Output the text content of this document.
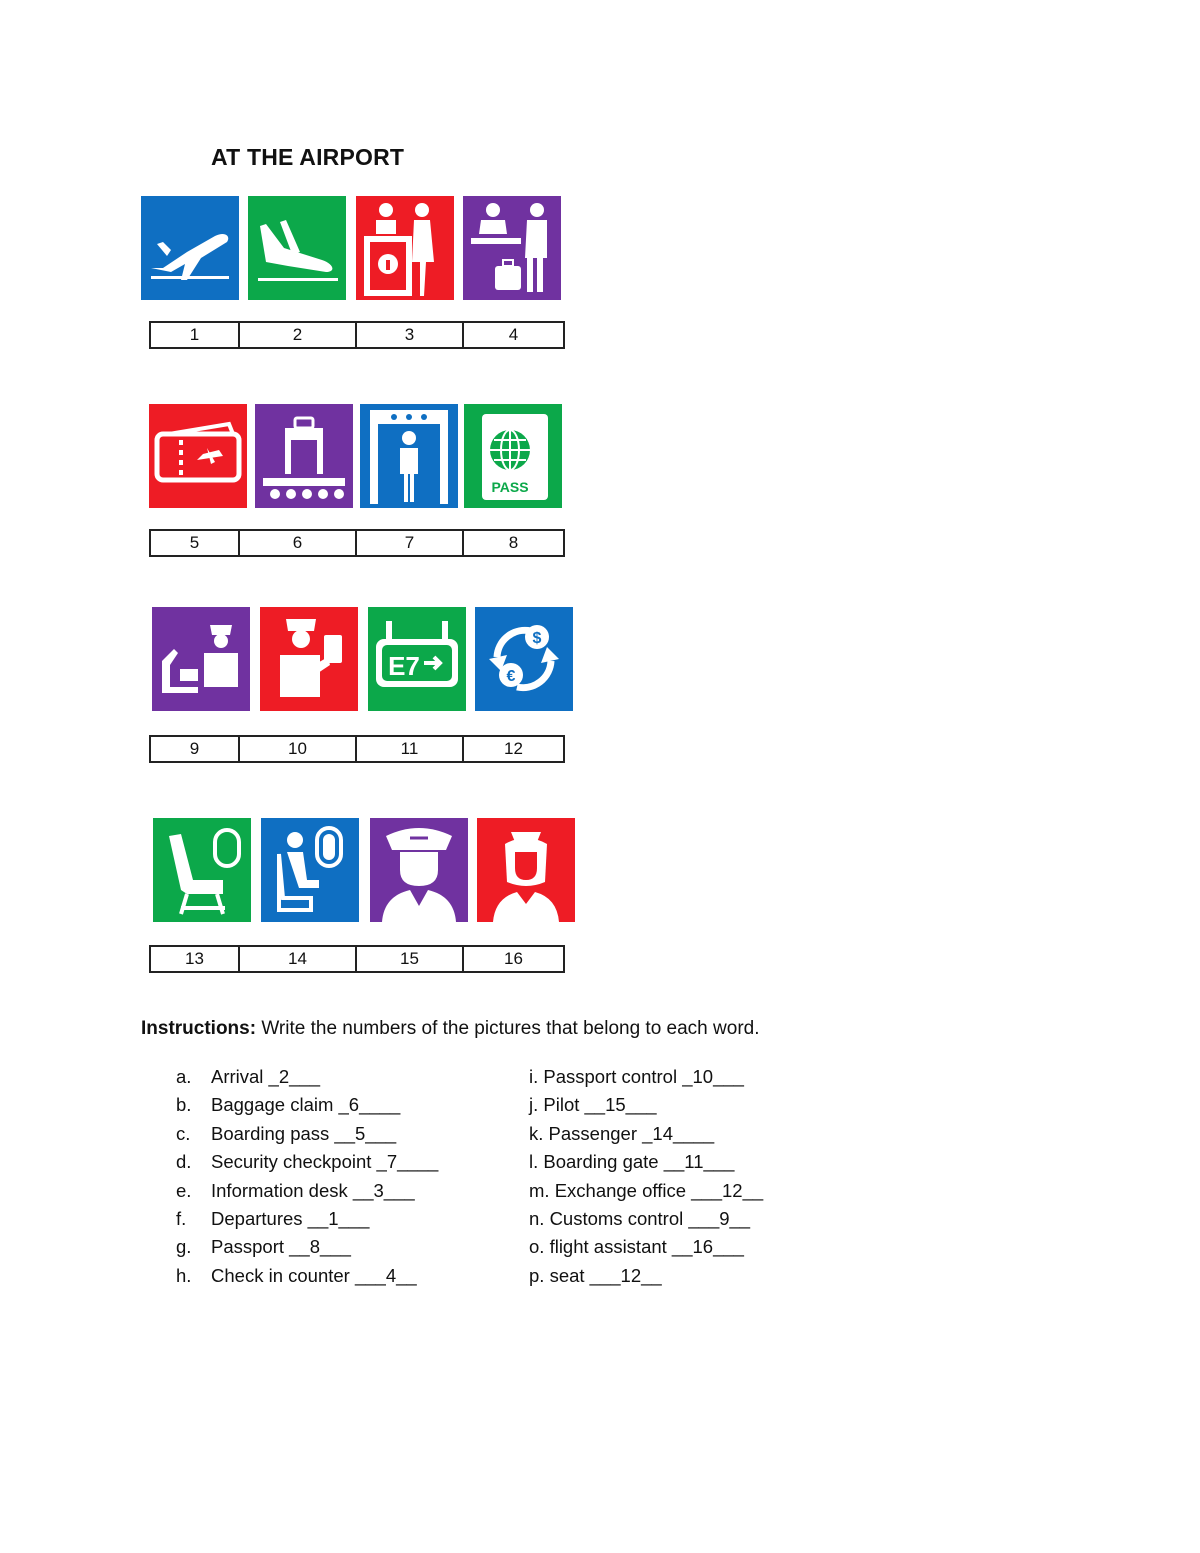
AT THE AIRPORT
1	2	3	4
PASS
5	6	7	8
E7
$
€
9	10	11	12
13	14	15	16
Instructions: Write the numbers of the pictures that belong to each word.
a. Arrival _2___
b. Baggage claim _6____
c. Boarding pass __5___
d. Security checkpoint _7____
e. Information desk __3___
f. Departures __1___
g. Passport __8___
h. Check in counter ___4__
i. Passport control _10___
j. Pilot __15___
k. Passenger _14____
l. Boarding gate __11___
m. Exchange office ___12__
n. Customs control ___9__
o. flight assistant __16___
p. seat ___12__
